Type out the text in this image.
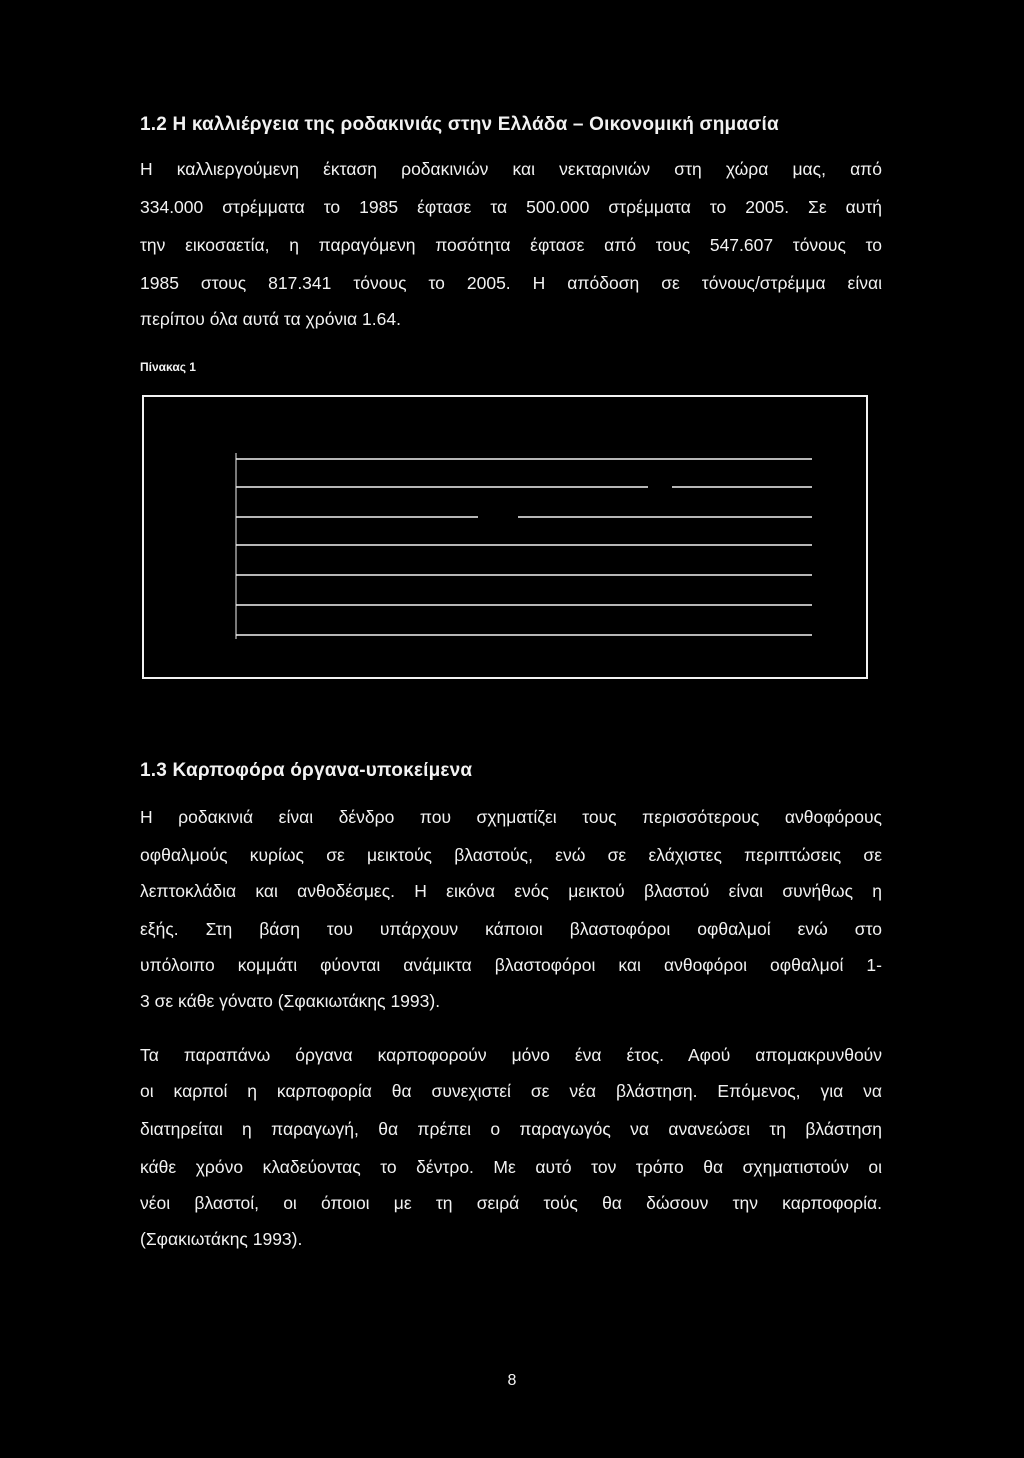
1.2 Η καλλιέργεια της ροδακινιάς στην Ελλάδα – Οικονομική σημασία
Η καλλιεργούμενη έκταση ροδακινιών και νεκταρινιών στη χώρα μας, από
334.000 στρέμματα το 1985 έφτασε τα 500.000 στρέμματα το 2005. Σε αυτή
την εικοσαετία, η παραγόμενη ποσότητα έφτασε από τους 547.607 τόνους το
1985 στους 817.341 τόνους το 2005. Η απόδοση σε τόνους/στρέμμα είναι
περίπου όλα αυτά τα χρόνια 1.64.
Πίνακας 1
1.3 Καρποφόρα όργανα-υποκείμενα
Η ροδακινιά είναι δένδρο που σχηματίζει τους περισσότερους ανθοφόρους
οφθαλμούς κυρίως σε μεικτούς βλαστούς, ενώ σε ελάχιστες περιπτώσεις σε
λεπτοκλάδια και ανθοδέσμες. Η εικόνα ενός μεικτού βλαστού είναι συνήθως η
εξής. Στη βάση του υπάρχουν κάποιοι βλαστοφόροι οφθαλμοί ενώ στο
υπόλοιπο κομμάτι φύονται ανάμικτα βλαστοφόροι και ανθοφόροι οφθαλμοί 1-
3 σε κάθε γόνατο (Σφακιωτάκης 1993).
Τα παραπάνω όργανα καρποφορούν μόνο ένα έτος. Αφού απομακρυνθούν
οι καρποί η καρποφορία θα συνεχιστεί σε νέα βλάστηση. Επόμενος, για να
διατηρείται η παραγωγή, θα πρέπει ο παραγωγός να ανανεώσει τη βλάστηση
κάθε χρόνο κλαδεύοντας το δέντρο. Με αυτό τον τρόπο θα σχηματιστούν οι
νέοι βλαστοί, οι όποιοι με τη σειρά τούς θα δώσουν την καρποφορία.
(Σφακιωτάκης 1993).
8
